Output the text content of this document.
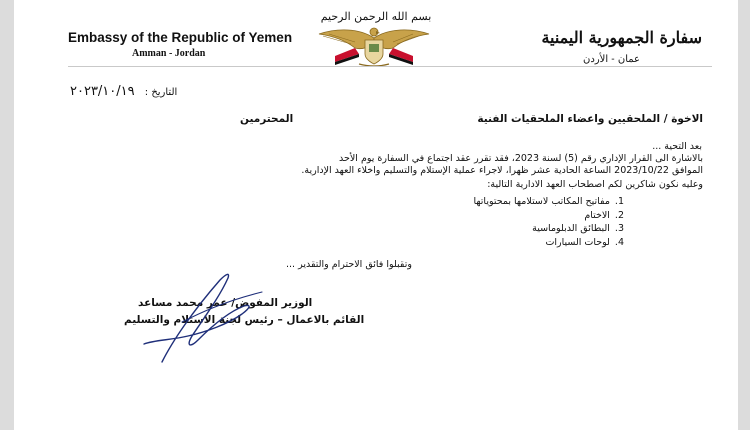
بسم الله الرحمن الرحيم
Embassy of the Republic of Yemen
Amman - Jordan
سفارة الجمهورية اليمنية
عمان - الأردن
التاريخ : ٢٠٢٣/١٠/١٩
الاخوة / الملحقيين واعضاء الملحقيات الفنية
المحترمين
بعد التحية ...
بالاشارة الى القرار الإداري رقم (5) لسنة 2023، فقد تقرر عقد اجتماع في السفارة يوم الأحد
الموافق 2023/10/22 الساعة الحادية عشر ظهرا، لاجراء عملية الإستلام والتسليم واخلاء العهد الإدارية.
وعليه نكون شاكرين لكم اصطحاب العهد الادارية التالية:
1.مفاتيح المكاتب لاستلامها بمحتوياتها
2.الاختام
3.البطائق الدبلوماسية
4.لوحات السيارات
وتقبلوا فائق الاحترام والتقدير ...
الوزير المفوض/ عمر محمد مساعد
القائم بالاعمال – رئيس لجنة الاستلام والتسليم
